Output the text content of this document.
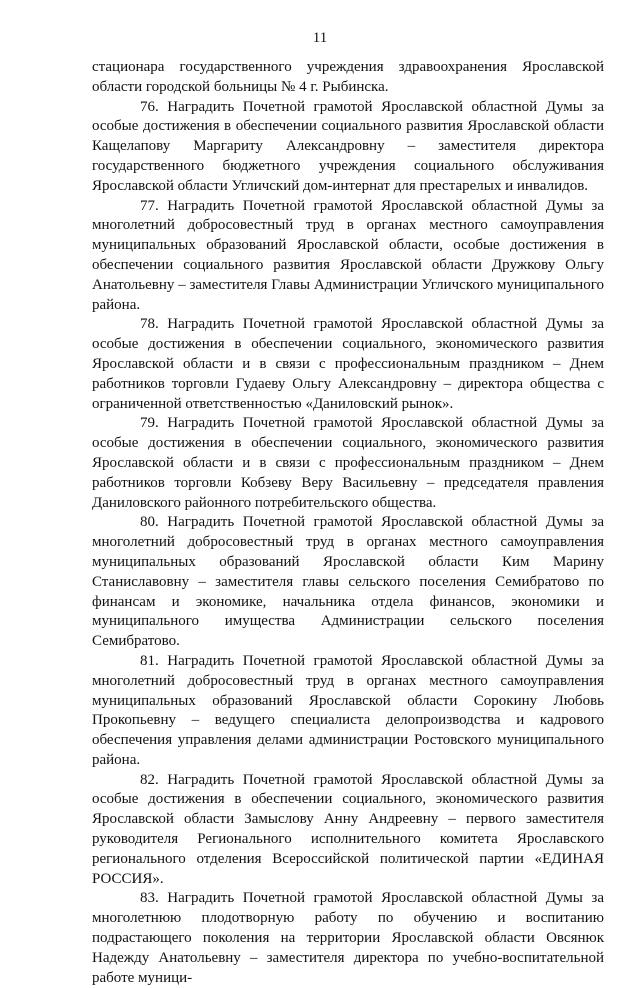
11

стационара государственного учреждения здравоохранения Ярославской области городской больницы № 4 г. Рыбинска.

76. Наградить Почетной грамотой Ярославской областной Думы за особые достижения в обеспечении социального развития Ярославской области Кащелапову Маргариту Александровну – заместителя директора государственного бюджетного учреждения социального обслуживания Ярославской области Угличский дом-интернат для престарелых и инвалидов.

77. Наградить Почетной грамотой Ярославской областной Думы за многолетний добросовестный труд в органах местного самоуправления муниципальных образований Ярославской области, особые достижения в обеспечении социального развития Ярославской области Дружкову Ольгу Анатольевну – заместителя Главы Администрации Угличского муниципального района.

78. Наградить Почетной грамотой Ярославской областной Думы за особые достижения в обеспечении социального, экономического развития Ярославской области и в связи с профессиональным праздником – Днем работников торговли Гудаеву Ольгу Александровну – директора общества с ограниченной ответственностью «Даниловский рынок».

79. Наградить Почетной грамотой Ярославской областной Думы за особые достижения в обеспечении социального, экономического развития Ярославской области и в связи с профессиональным праздником – Днем работников торговли Кобзеву Веру Васильевну – председателя правления Даниловского районного потребительского общества.

80. Наградить Почетной грамотой Ярославской областной Думы за многолетний добросовестный труд в органах местного самоуправления муниципальных образований Ярославской области Ким Марину Станиславовну – заместителя главы сельского поселения Семибратово по финансам и экономике, начальника отдела финансов, экономики и муниципального имущества Администрации сельского поселения Семибратово.

81. Наградить Почетной грамотой Ярославской областной Думы за многолетний добросовестный труд в органах местного самоуправления муниципальных образований Ярославской области Сорокину Любовь Прокопьевну – ведущего специалиста делопроизводства и кадрового обеспечения управления делами администрации Ростовского муниципального района.

82. Наградить Почетной грамотой Ярославской областной Думы за особые достижения в обеспечении социального, экономического развития Ярославской области Замыслову Анну Андреевну – первого заместителя руководителя Регионального исполнительного комитета Ярославского регионального отделения Всероссийской политической партии «ЕДИНАЯ РОССИЯ».

83. Наградить Почетной грамотой Ярославской областной Думы за многолетнюю плодотворную работу по обучению и воспитанию подрастающего поколения на территории Ярославской области Овсянюк Надежду Анатольевну – заместителя директора по учебно-воспитательной работе муници-
